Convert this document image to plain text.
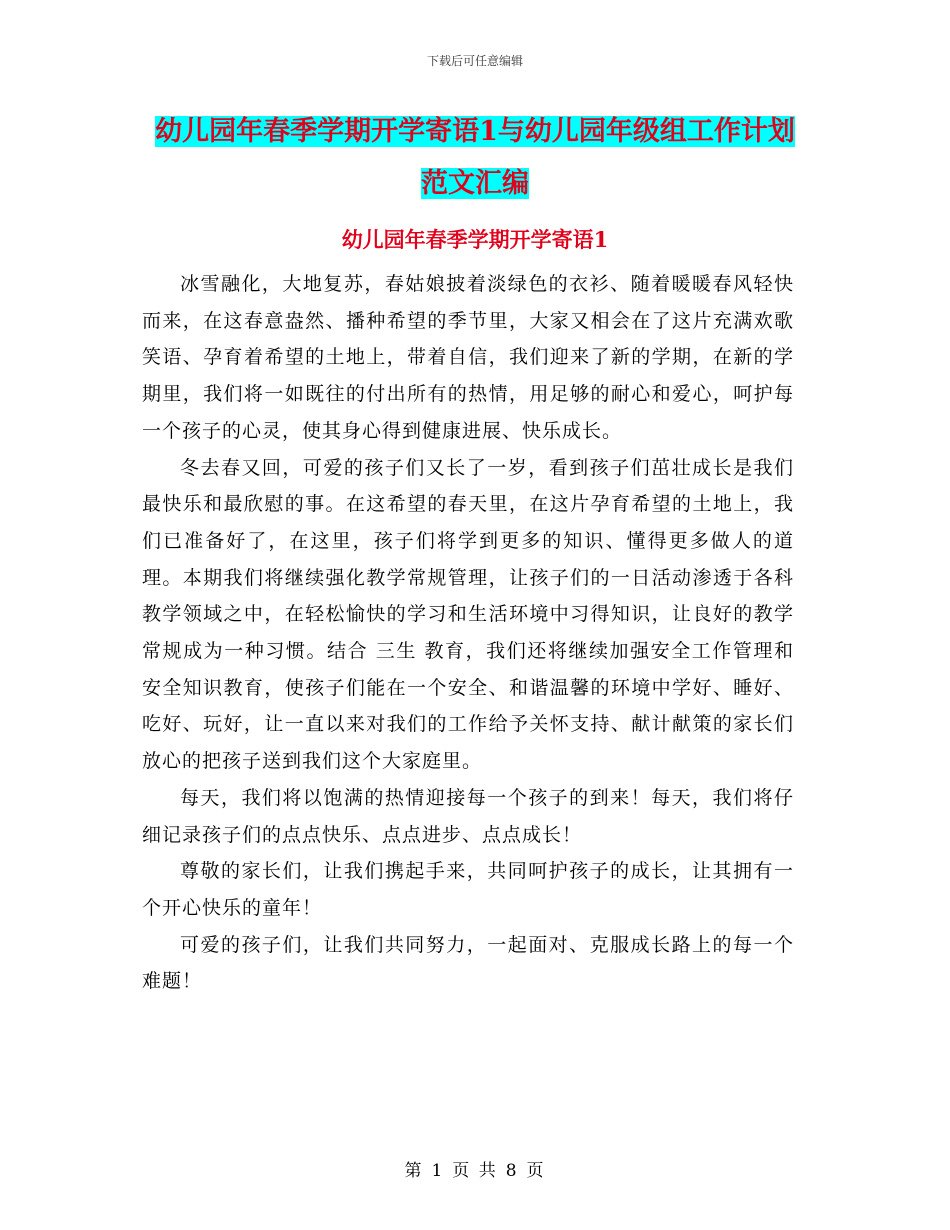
下载后可任意编辑
幼儿园年春季学期开学寄语1与幼儿园年级组工作计划 范文汇编
幼儿园年春季学期开学寄语1

冰雪融化，大地复苏，春姑娘披着淡绿色的衣衫、随着暖暖春风轻快而来，在这春意盎然、播种希望的季节里，大家又相会在了这片充满欢歌笑语、孕育着希望的土地上，带着自信，我们迎来了新的学期，在新的学期里，我们将一如既往的付出所有的热情，用足够的耐心和爱心，呵护每一个孩子的心灵，使其身心得到健康进展、快乐成长。

冬去春又回，可爱的孩子们又长了一岁，看到孩子们茁壮成长是我们最快乐和最欣慰的事。在这希望的春天里，在这片孕育希望的土地上，我们已准备好了，在这里，孩子们将学到更多的知识、懂得更多做人的道理。本期我们将继续强化教学常规管理，让孩子们的一日活动渗透于各科教学领域之中，在轻松愉快的学习和生活环境中习得知识，让良好的教学常规成为一种习惯。结合 三生 教育，我们还将继续加强安全工作管理和安全知识教育，使孩子们能在一个安全、和谐温馨的环境中学好、睡好、吃好、玩好，让一直以来对我们的工作给予关怀支持、献计献策的家长们放心的把孩子送到我们这个大家庭里。

每天，我们将以饱满的热情迎接每一个孩子的到来！每天，我们将仔细记录孩子们的点点快乐、点点进步、点点成长！

尊敬的家长们，让我们携起手来，共同呵护孩子的成长，让其拥有一个开心快乐的童年！

可爱的孩子们，让我们共同努力，一起面对、克服成长路上的每一个难题！

第 1 页 共 8 页
